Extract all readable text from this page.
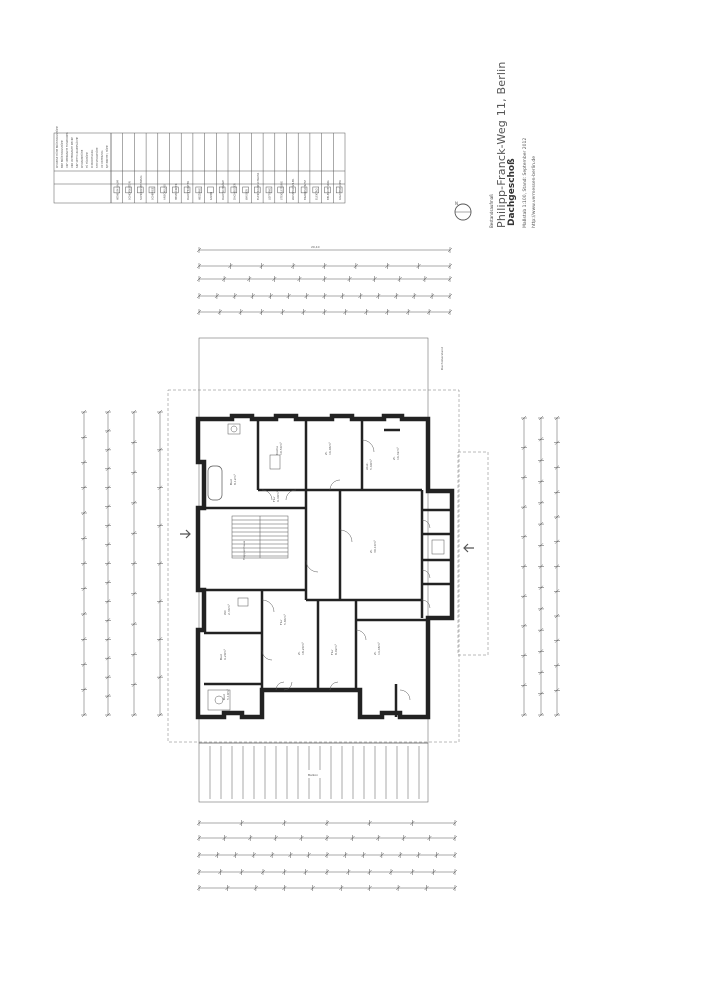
HÖHE IM RAUM	SCHORNSTEIN	SCHORNSTEINZUG	SCHRÄGE	ANSCHLUSS	HEIZKÖRPER	DACHFENSTER	HEIZUNG	KAMIN	DACHSCHRÄGE	DACHBODEN	WASSER	ELEKTROANSCHLUSS	LÜFTUNG	STEIGLEITUNG	WASSERZÄHLER	BRANDSCHUTZ	ELEKTRO	BELEUCHTUNG	RAUCHMELDER
RH REINE HÖHE BRÜSTUNGSHÖHE BRH BRÜSTUNGSHÖHE OKF OBERKANTE FUSSBODEN UKD UNTERKANTE DECKE NRF NETTO-RAUMFLÄCHE RH RAUMHÖHE TÜ TÜRHÖHE D DURCHGANG STH STURZHÖHE UZ UNTERZUG B/H BREITE / HÖHE
N
20,10
Dachüberstand
Balkon
Bad 8,12m²
Küche 10,50m²	Zi. 16,06m²
Abst. 5,60m²
Flur 6,40m²
Treppenhaus	Zi. 30,10m²
WC 2,34m²
Flur 5,84m²
Bad 6,20m²	Zi. 18,20m²	Flur 8,02m²	Zi. 14,48m²
Zi. 16,32m²
Bad 5,10m²
Bestandsaufmaß Philipp-Franck-Weg 11, Berlin Dachgeschoß Maßstab 1:100, Stand: September 2012 http://www.vermessen-berlin.de
